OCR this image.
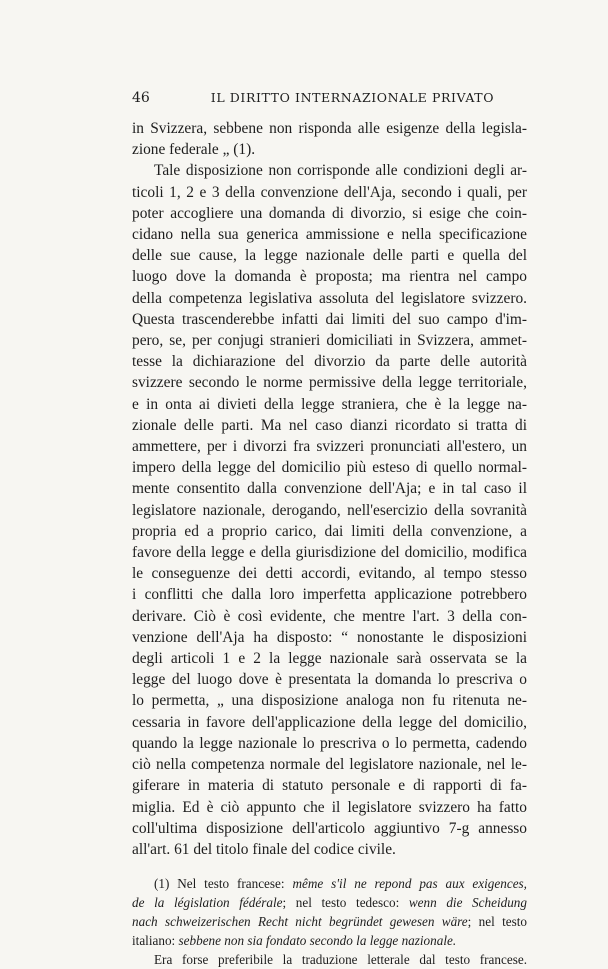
46	IL DIRITTO INTERNAZIONALE PRIVATO
in Svizzera, sebbene non risponda alle esigenze della legisla-
zione federale „ (1).
Tale disposizione non corrisponde alle condizioni degli ar-
ticoli 1, 2 e 3 della convenzione dell'Aja, secondo i quali, per
poter accogliere una domanda di divorzio, si esige che coin-
cidano nella sua generica ammissione e nella specificazione
delle sue cause, la legge nazionale delle parti e quella del
luogo dove la domanda è proposta; ma rientra nel campo
della competenza legislativa assoluta del legislatore svizzero.
Questa trascenderebbe infatti dai limiti del suo campo d'im-
pero, se, per conjugi stranieri domiciliati in Svizzera, ammet-
tesse la dichiarazione del divorzio da parte delle autorità
svizzere secondo le norme permissive della legge territoriale,
e in onta ai divieti della legge straniera, che è la legge na-
zionale delle parti. Ma nel caso dianzi ricordato si tratta di
ammettere, per i divorzi fra svizzeri pronunciati all'estero, un
impero della legge del domicilio più esteso di quello normal-
mente consentito dalla convenzione dell'Aja; e in tal caso il
legislatore nazionale, derogando, nell'esercizio della sovranità
propria ed a proprio carico, dai limiti della convenzione, a
favore della legge e della giurisdizione del domicilio, modifica
le conseguenze dei detti accordi, evitando, al tempo stesso
i conflitti che dalla loro imperfetta applicazione potrebbero
derivare. Ciò è così evidente, che mentre l'art. 3 della con-
venzione dell'Aja ha disposto: “ nonostante le disposizioni
degli articoli 1 e 2 la legge nazionale sarà osservata se la
legge del luogo dove è presentata la domanda lo prescriva o
lo permetta, „ una disposizione analoga non fu ritenuta ne-
cessaria in favore dell'applicazione della legge del domicilio,
quando la legge nazionale lo prescriva o lo permetta, cadendo
ciò nella competenza normale del legislatore nazionale, nel le-
giferare in materia di statuto personale e di rapporti di fa-
miglia. Ed è ciò appunto che il legislatore svizzero ha fatto
coll'ultima disposizione dell'articolo aggiuntivo 7-g annesso
all'art. 61 del titolo finale del codice civile.
(1) Nel testo francese: même s'il ne repond pas aux exigences,
de la législation fédérale; nel testo tedesco: wenn die Scheidung
nach schweizerischen Recht nicht begründet gewesen wäre; nel testo
italiano: sebbene non sia fondato secondo la legge nazionale.
Era forse preferibile la traduzione letterale dal testo francese.
